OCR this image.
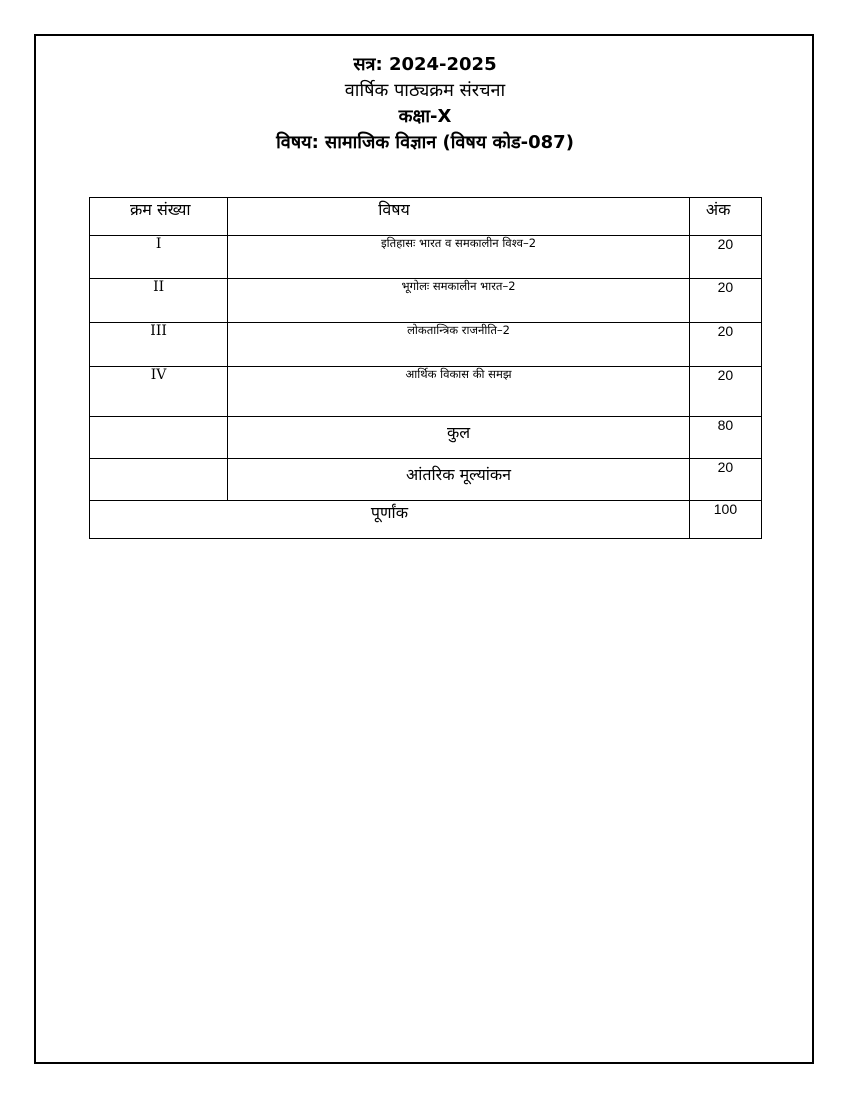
सत्र: 2024-2025
वार्षिक पाठ्यक्रम संरचना
कक्षा-X
विषय: सामाजिक विज्ञान (विषय कोड-087)
क्रम संख्या	विषय	अंक
I	इतिहासः भारत व समकालीन विश्व–2	20
II	भूगोलः समकालीन भारत–2	20
III	लोकतान्त्रिक राजनीति–2	20
IV	आर्थिक विकास की समझ	20
	कुल	80
	आंतरिक मूल्यांकन	20
पूर्णांक		100
